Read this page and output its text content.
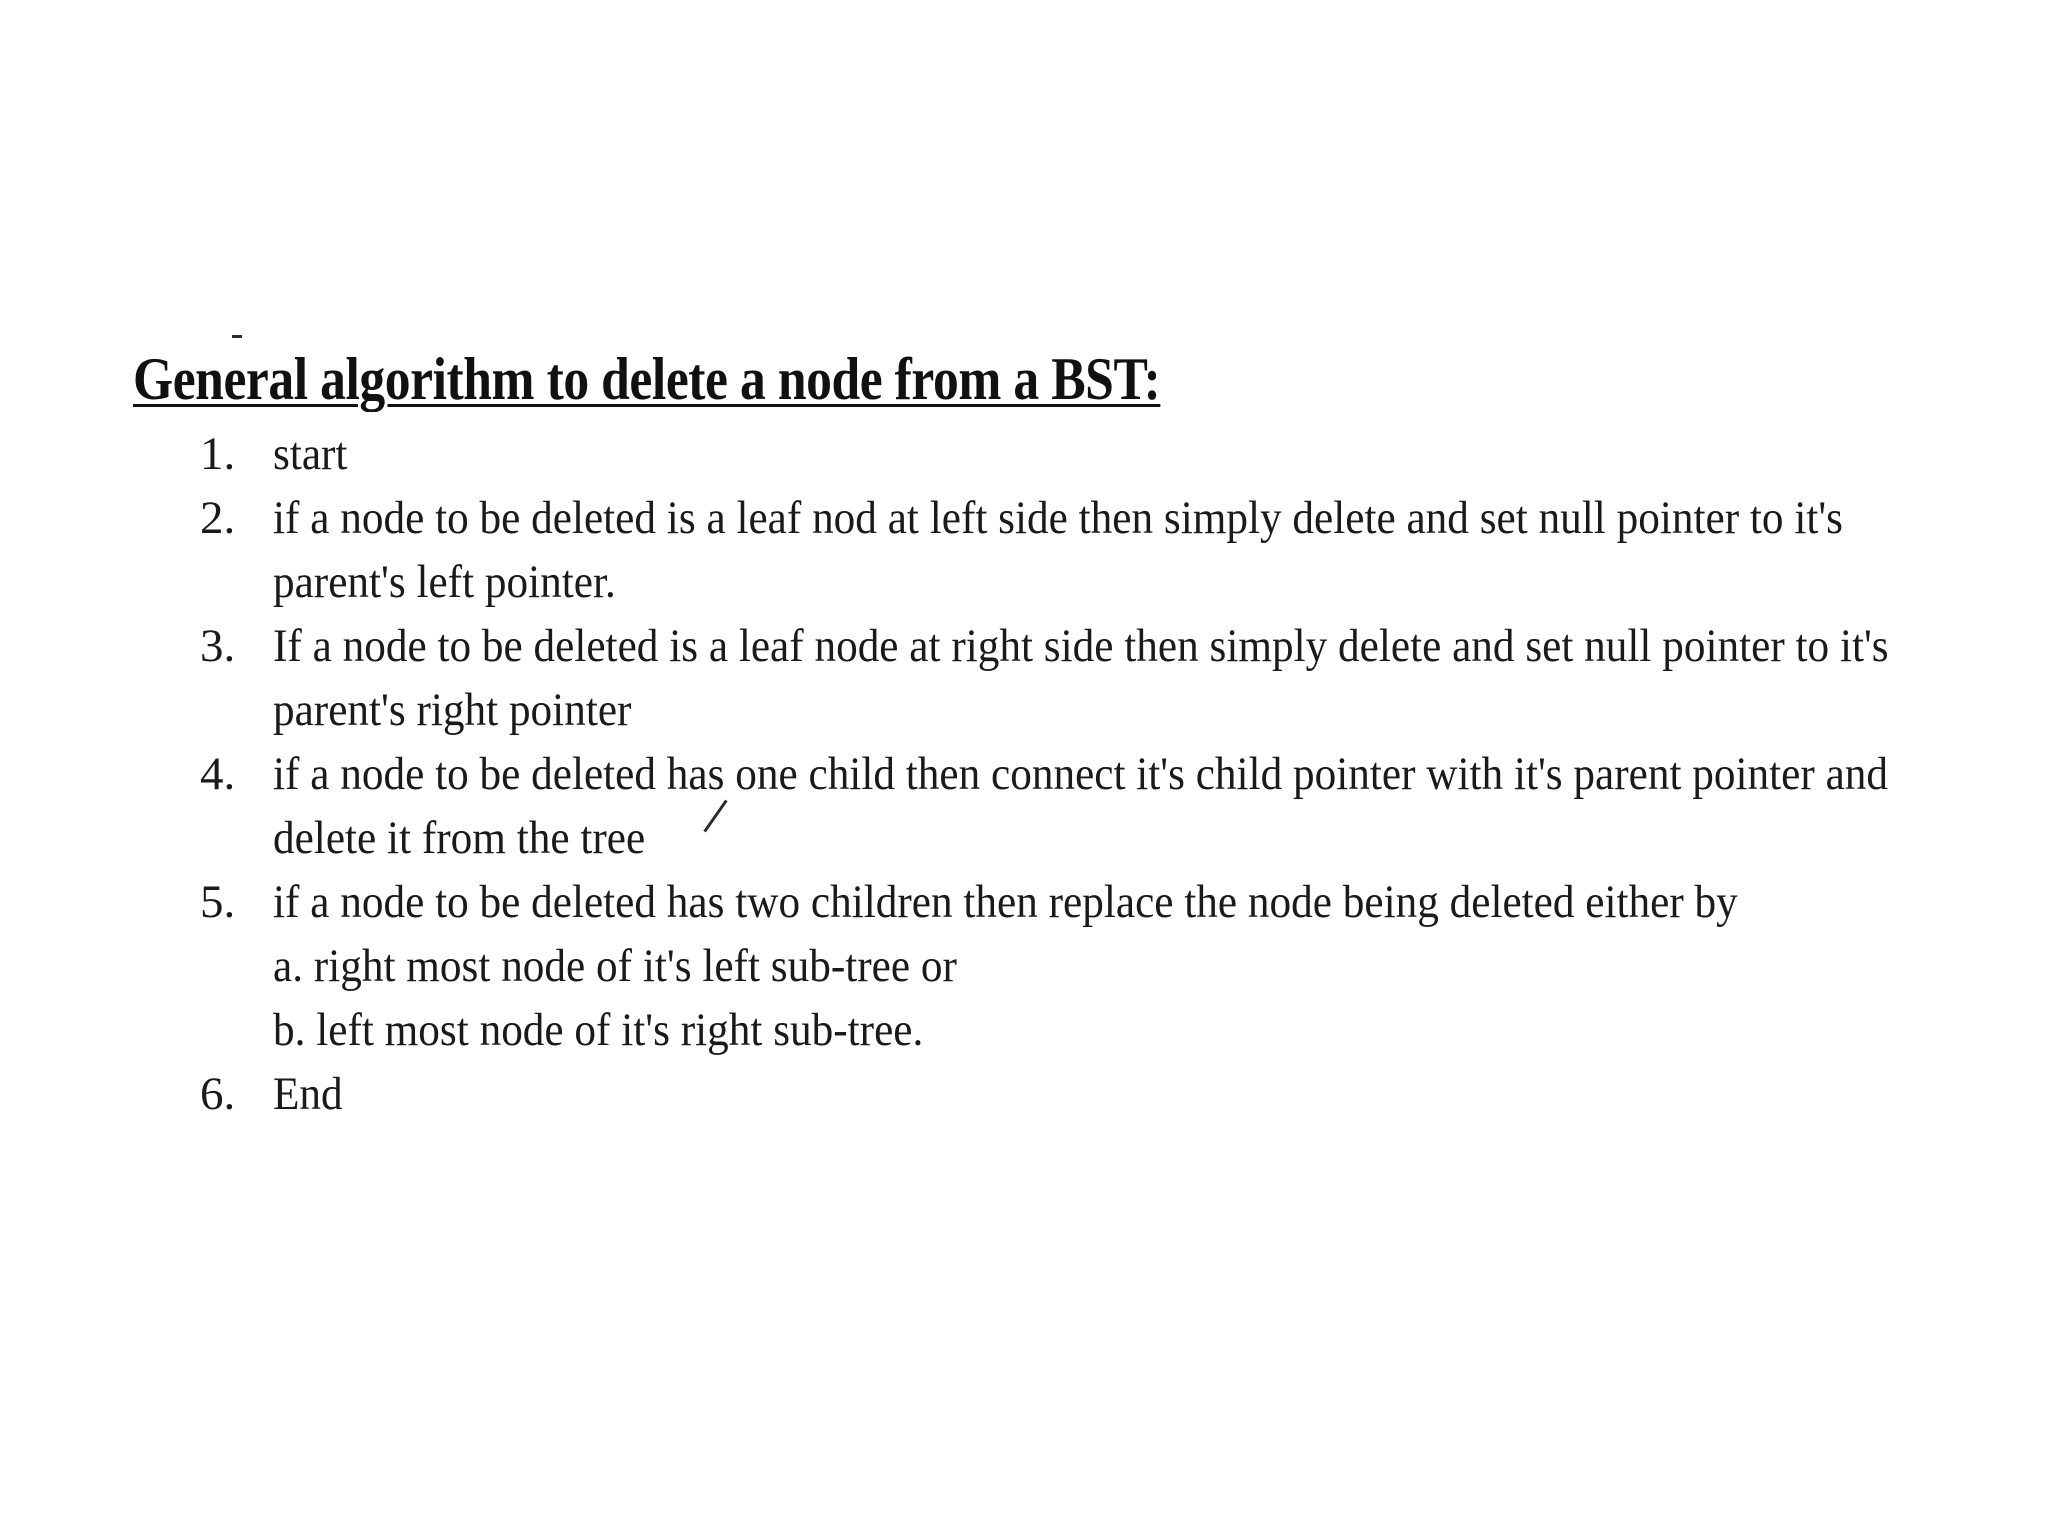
General algorithm to delete a node from a BST:
1. start
2. if a node to be deleted is a leaf nod at left side then simply delete and set null pointer to it's parent's left pointer.
3. If a node to be deleted is a leaf node at right side then simply delete and set null pointer to it's parent's right pointer
4. if a node to be deleted has one child then connect it's child pointer with it's parent pointer and delete it from the tree
5. if a node to be deleted has two children then replace the node being deleted either by
a. right most node of it's left sub-tree or
b. left most node of it's right sub-tree.
6. End
